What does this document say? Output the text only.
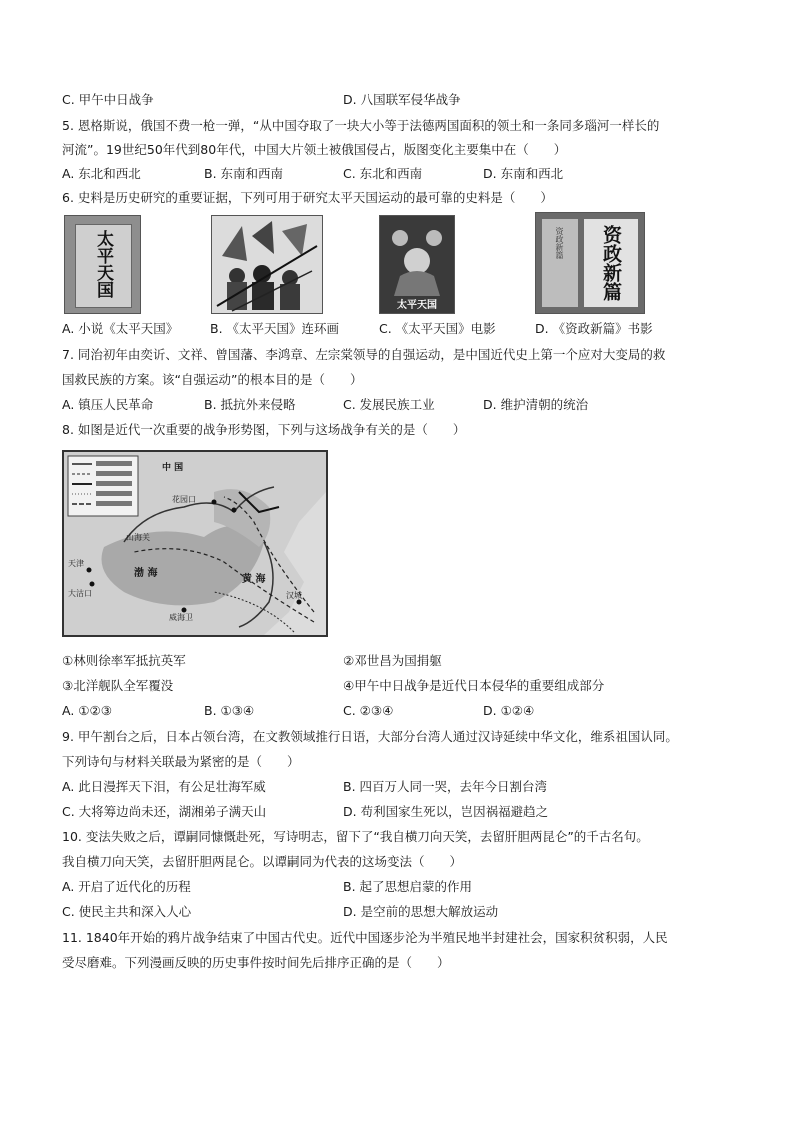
C. 甲午中日战争	D. 八国联军侵华战争
5. 恩格斯说，俄国不费一枪一弹，“从中国夺取了一块大小等于法德两国面积的领土和一条同多瑙河一样长的
河流”。19世纪50年代到80年代，中国大片领土被俄国侵占，版图变化主要集中在（　　）
A. 东北和西北	B. 东南和西南	C. 东北和西南	D. 东南和西北
6. 史料是历史研究的重要证据，下列可用于研究太平天国运动的最可靠的史料是（　　）
太平天国
太平天国
资政新篇 资政新篇
A. 小说《太平天国》	B. 《太平天国》连环画	C. 《太平天国》电影	D. 《资政新篇》书影
7. 同治初年由奕䜣、文祥、曾国藩、李鸿章、左宗棠领导的自强运动，是中国近代史上第一个应对大变局的救
国救民族的方案。该“自强运动”的根本目的是（　　）
A. 镇压人民革命	B. 抵抗外来侵略	C. 发展民族工业	D. 维护清朝的统治
8. 如图是近代一次重要的战争形势图，下列与这场战争有关的是（　　）
中 国
山海关
天津
大沽口
花园口
威海卫
汉城
渤 海
黄 海
①林则徐率军抵抗英军	②邓世昌为国捐躯
③北洋舰队全军覆没	④甲午中日战争是近代日本侵华的重要组成部分
A. ①②③	B. ①③④	C. ②③④	D. ①②④
9. 甲午割台之后，日本占领台湾，在文教领域推行日语，大部分台湾人通过汉诗延续中华文化，维系祖国认同。
下列诗句与材料关联最为紧密的是（　　）
A. 此日漫挥天下泪，有公足壮海军威	B. 四百万人同一哭，去年今日割台湾
C. 大将筹边尚未还，湖湘弟子满天山	D. 苟利国家生死以，岂因祸福避趋之
10. 变法失败之后，谭嗣同慷慨赴死，写诗明志，留下了“我自横刀向天笑，去留肝胆两昆仑”的千古名句。
我自横刀向天笑，去留肝胆两昆仑。以谭嗣同为代表的这场变法（　　）
A. 开启了近代化的历程	B. 起了思想启蒙的作用
C. 使民主共和深入人心	D. 是空前的思想大解放运动
11. 1840年开始的鸦片战争结束了中国古代史。近代中国逐步沦为半殖民地半封建社会，国家积贫积弱，人民
受尽磨难。下列漫画反映的历史事件按时间先后排序正确的是（　　）
